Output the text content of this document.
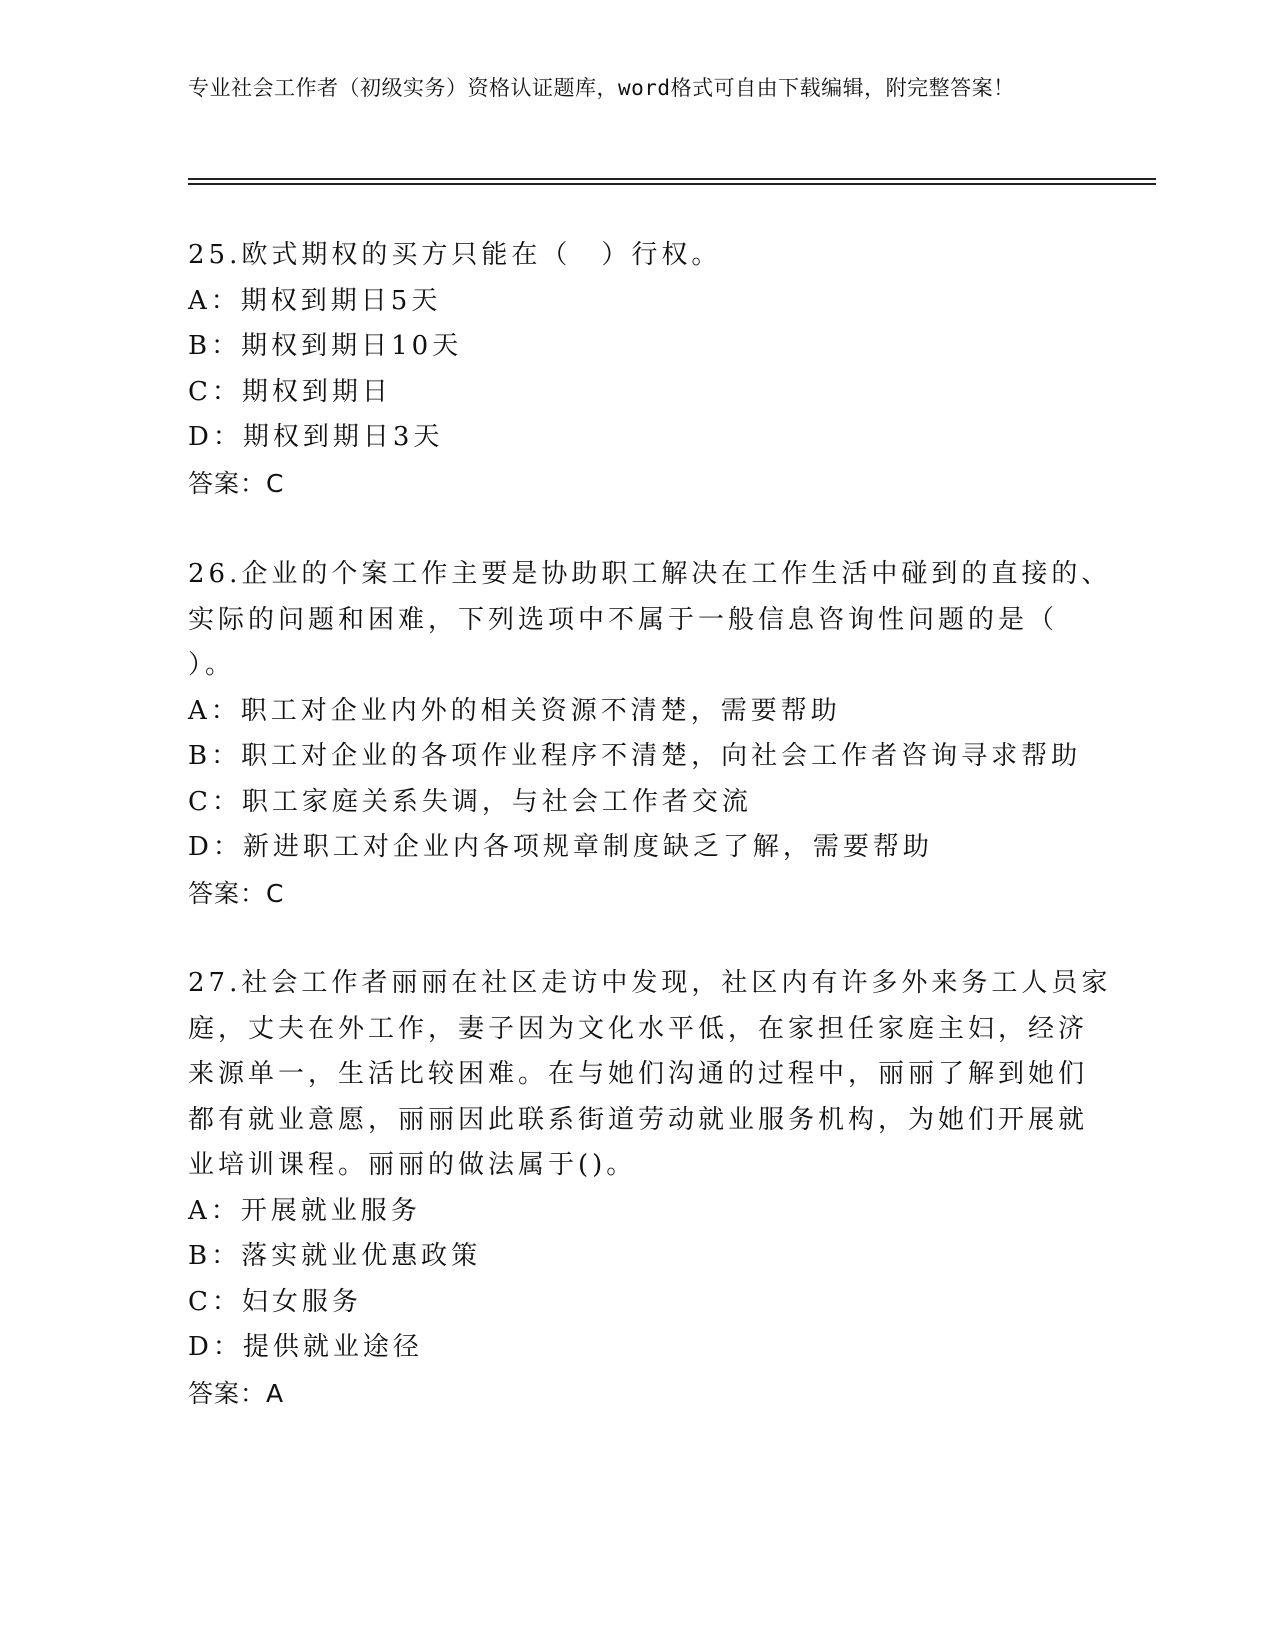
专业社会工作者（初级实务）资格认证题库，word格式可自由下载编辑，附完整答案！
25.欧式期权的买方只能在（　）行权。
A：期权到期日5天
B：期权到期日10天
C：期权到期日
D：期权到期日3天
答案：C
26.企业的个案工作主要是协助职工解决在工作生活中碰到的直接的、
实际的问题和困难，下列选项中不属于一般信息咨询性问题的是（
）。
A：职工对企业内外的相关资源不清楚，需要帮助
B：职工对企业的各项作业程序不清楚，向社会工作者咨询寻求帮助
C：职工家庭关系失调，与社会工作者交流
D：新进职工对企业内各项规章制度缺乏了解，需要帮助
答案：C
27.社会工作者丽丽在社区走访中发现，社区内有许多外来务工人员家
庭，丈夫在外工作，妻子因为文化水平低，在家担任家庭主妇，经济
来源单一，生活比较困难。在与她们沟通的过程中，丽丽了解到她们
都有就业意愿，丽丽因此联系街道劳动就业服务机构，为她们开展就
业培训课程。丽丽的做法属于()。
A：开展就业服务
B：落实就业优惠政策
C：妇女服务
D：提供就业途径
答案：A
